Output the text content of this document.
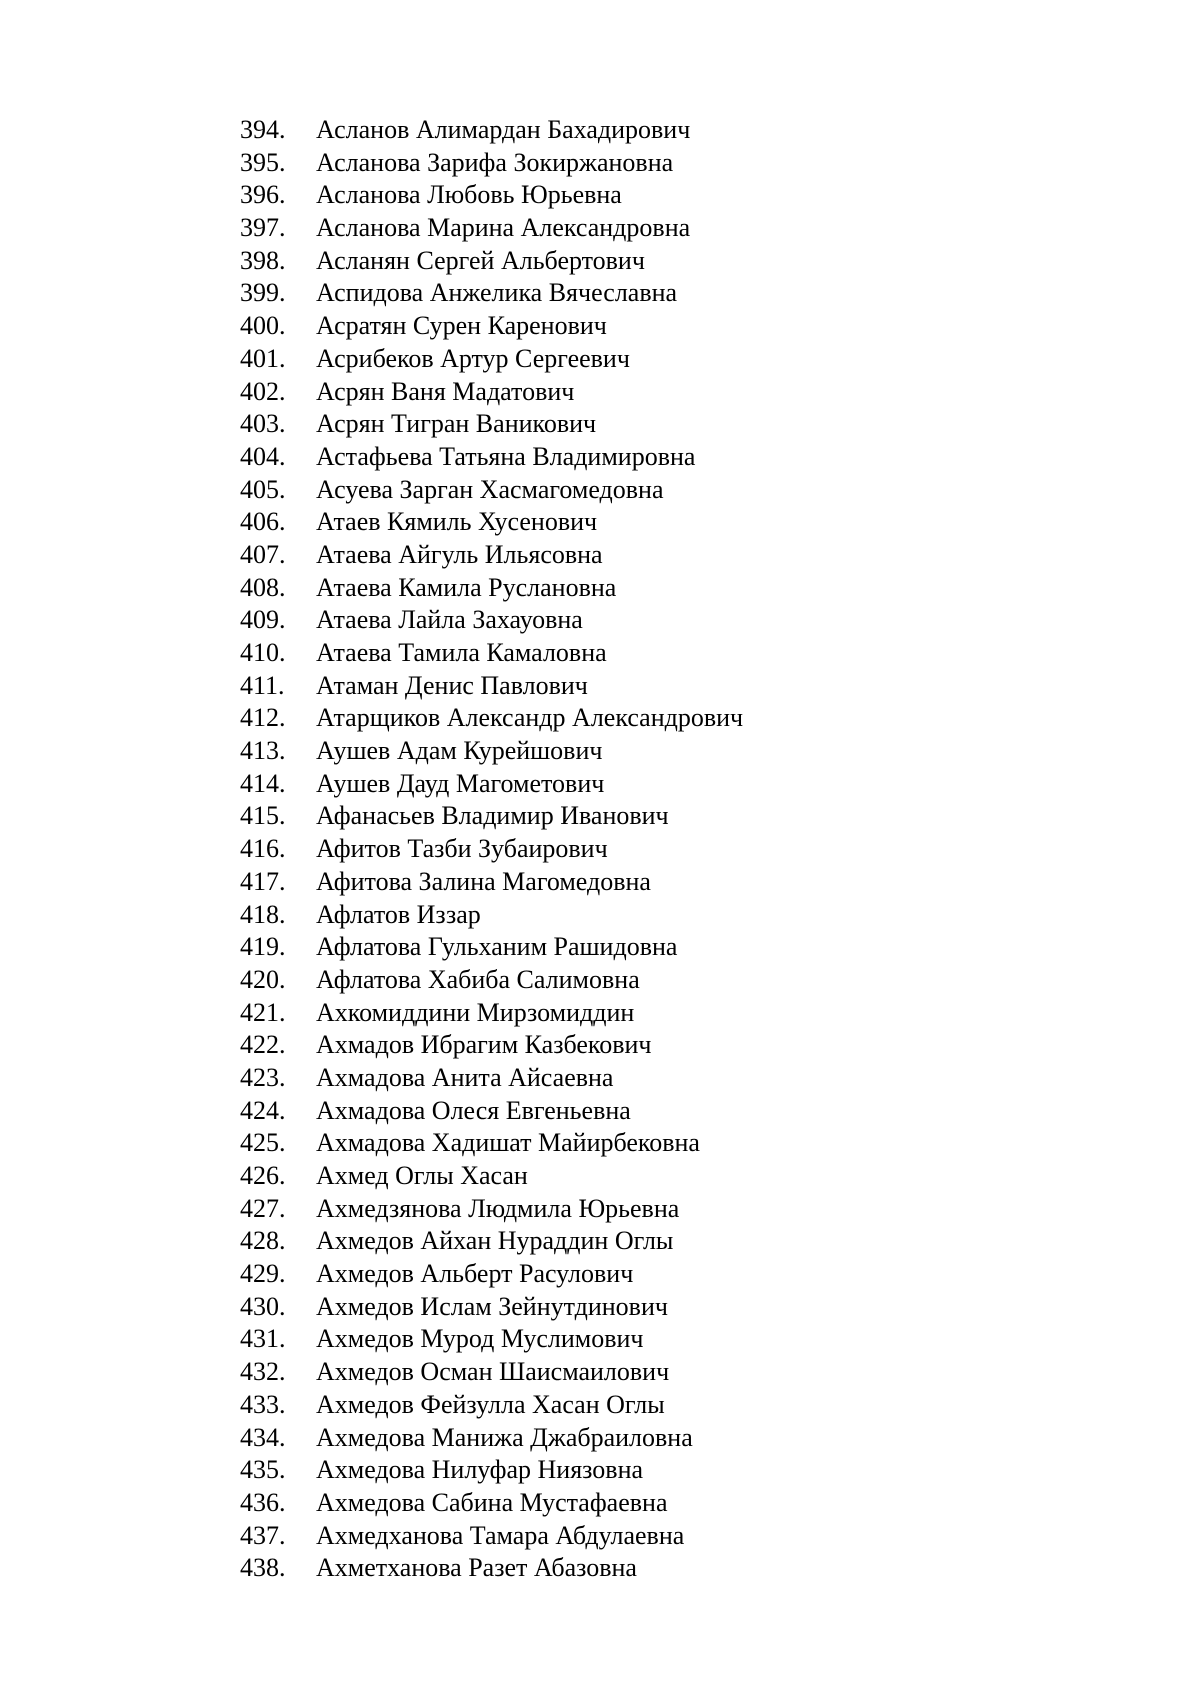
394.	Асланов Алимардан Бахадирович
395.	Асланова Зарифа Зокиржановна
396.	Асланова Любовь Юрьевна
397.	Асланова Марина Александровна
398.	Асланян Сергей Альбертович
399.	Аспидова Анжелика Вячеславна
400.	Асратян Сурен Каренович
401.	Асрибеков Артур Сергеевич
402.	Асрян Ваня Мадатович
403.	Асрян Тигран Ваникович
404.	Астафьева Татьяна Владимировна
405.	Асуева Зарган Хасмагомедовна
406.	Атаев Кямиль Хусенович
407.	Атаева Айгуль Ильясовна
408.	Атаева Камила Руслановна
409.	Атаева Лайла Захауовна
410.	Атаева Тамила Камаловна
411.	Атаман Денис Павлович
412.	Атарщиков Александр Александрович
413.	Аушев Адам Курейшович
414.	Аушев Дауд Магометович
415.	Афанасьев Владимир Иванович
416.	Афитов Тазби Зубаирович
417.	Афитова Залина Магомедовна
418.	Афлатов Иззар
419.	Афлатова Гульханим Рашидовна
420.	Афлатова Хабиба Салимовна
421.	Ахкомиддини Мирзомиддин
422.	Ахмадов Ибрагим Казбекович
423.	Ахмадова Анита Айсаевна
424.	Ахмадова Олеся Евгеньевна
425.	Ахмадова Хадишат Майирбековна
426.	Ахмед Оглы Хасан
427.	Ахмедзянова Людмила Юрьевна
428.	Ахмедов Айхан Нураддин Оглы
429.	Ахмедов Альберт Расулович
430.	Ахмедов Ислам Зейнутдинович
431.	Ахмедов Мурод Муслимович
432.	Ахмедов Осман Шаисмаилович
433.	Ахмедов Фейзулла Хасан Оглы
434.	Ахмедова Манижа Джабраиловна
435.	Ахмедова Нилуфар Ниязовна
436.	Ахмедова Сабина Мустафаевна
437.	Ахмедханова Тамара Абдулаевна
438.	Ахметханова Разет Абазовна
